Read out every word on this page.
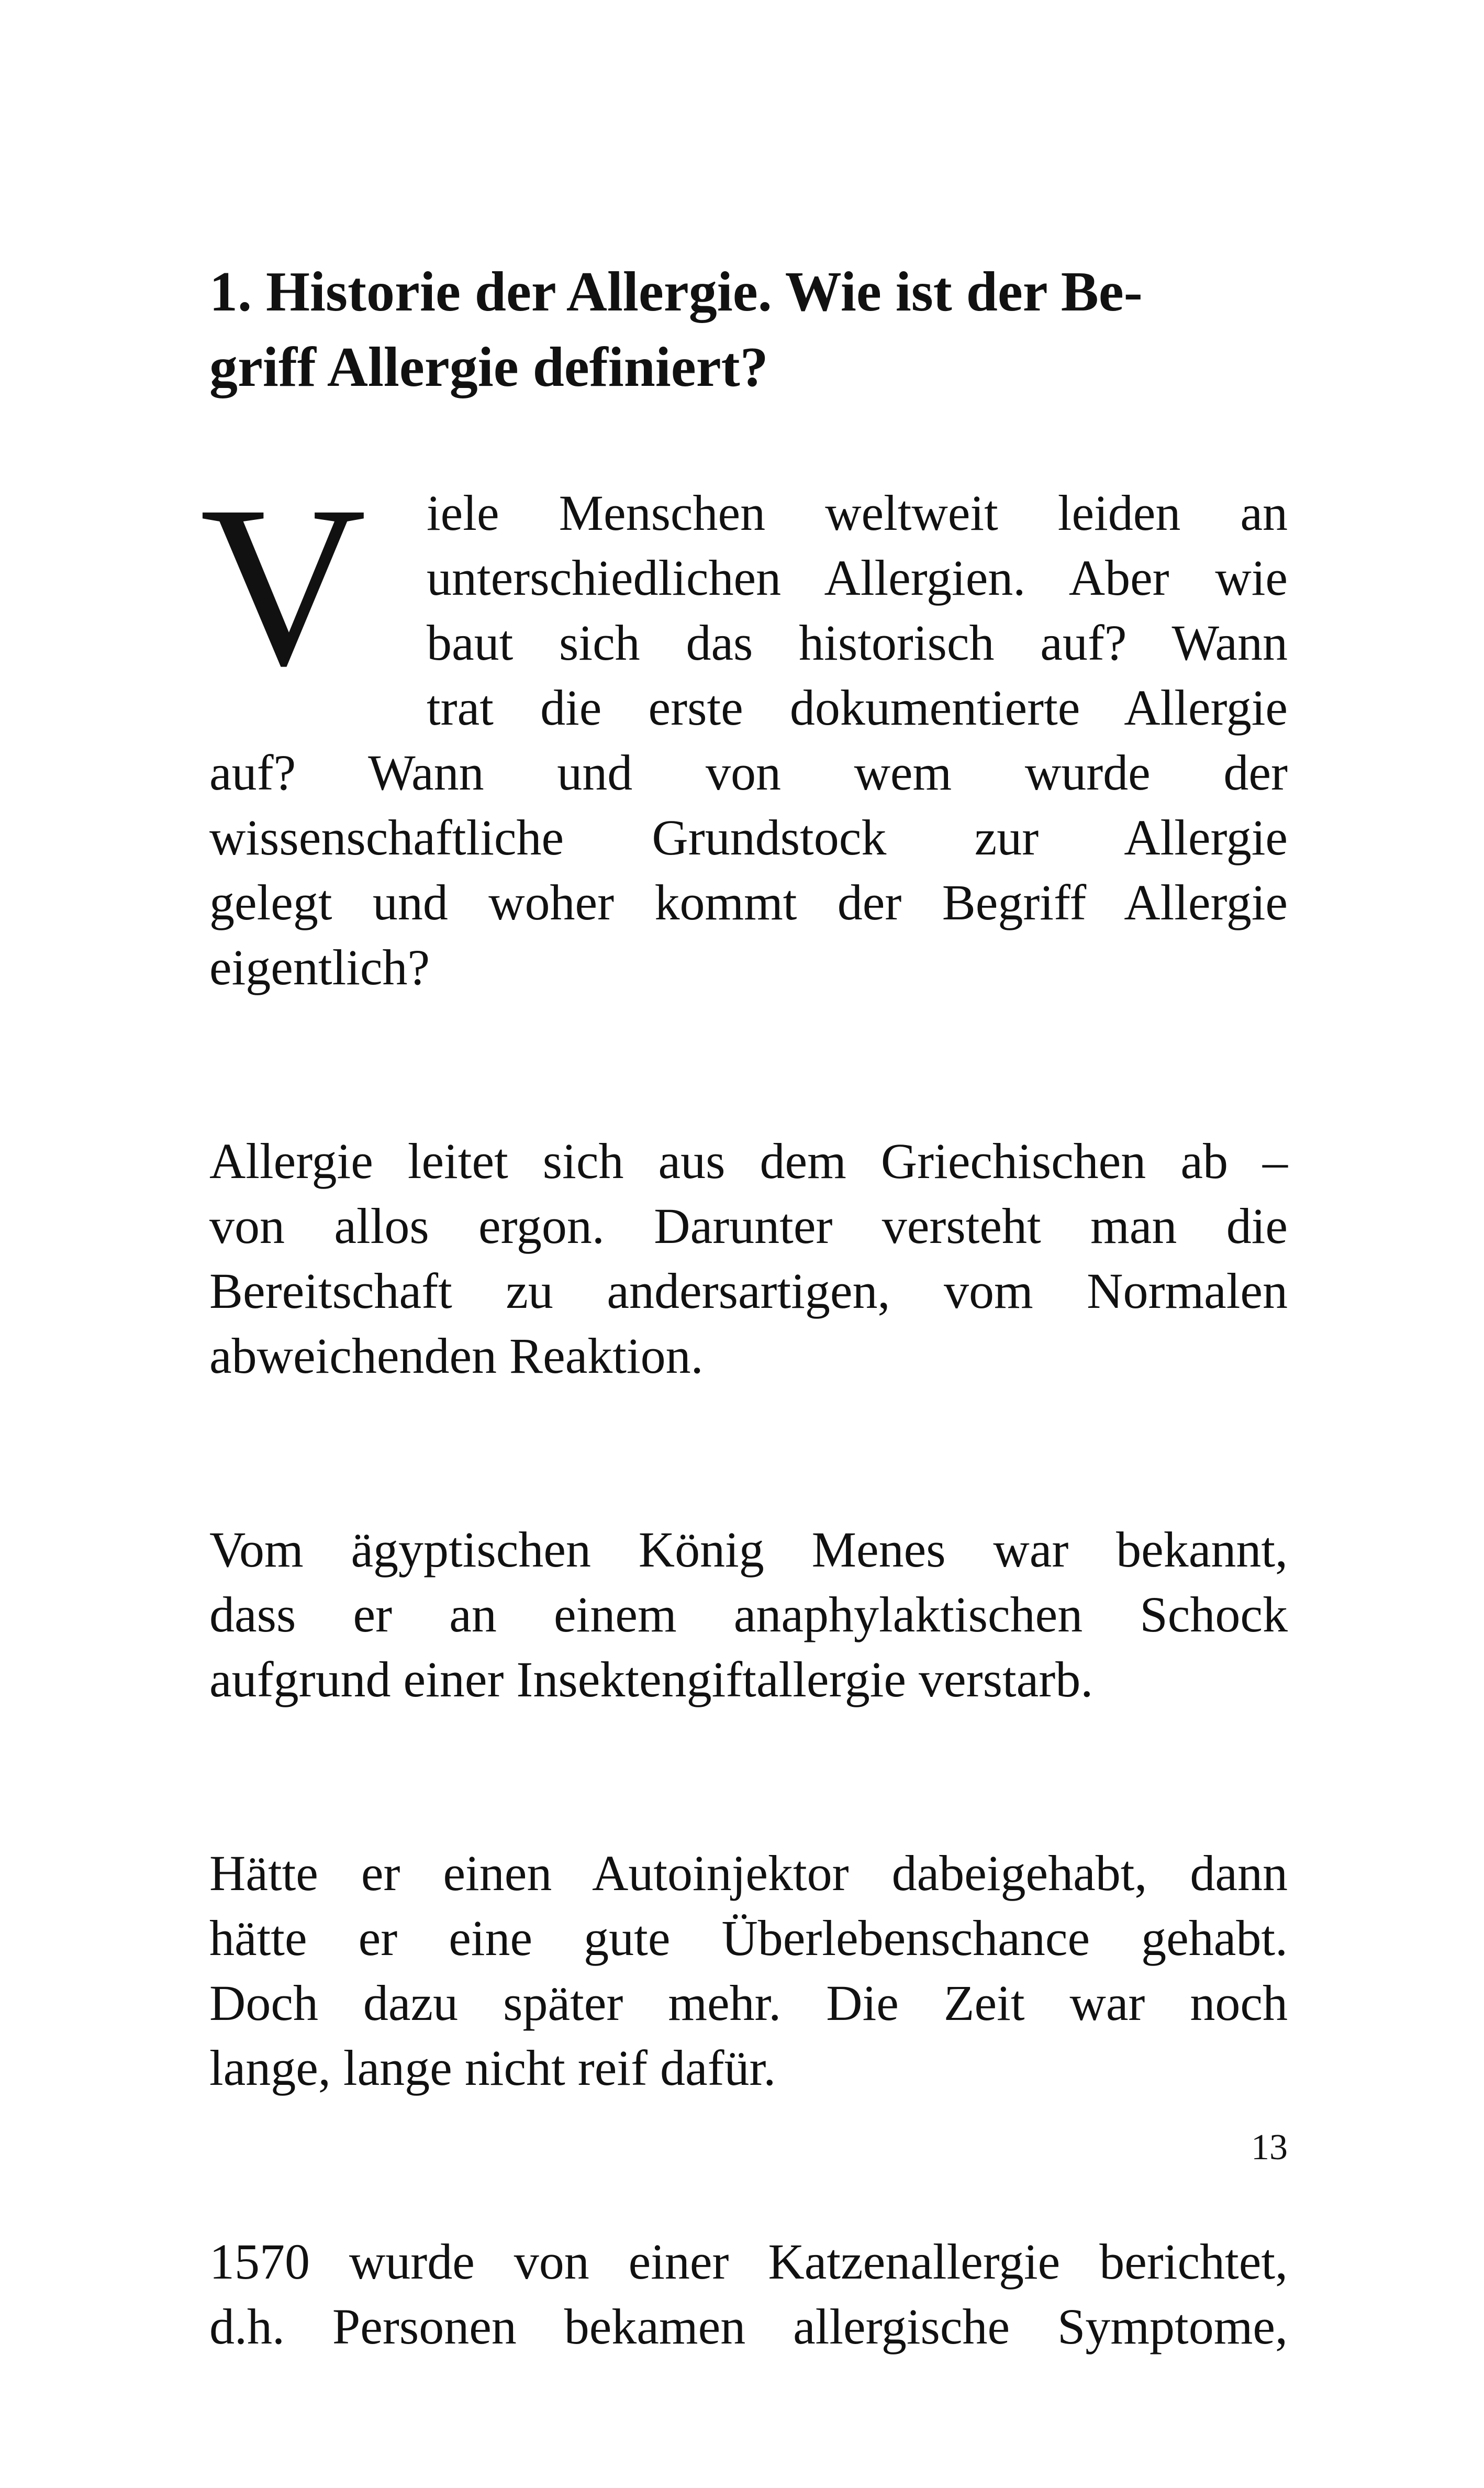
1. Historie der Allergie. Wie ist der Be-
griff Allergie definiert?
V iele Menschen weltweit leiden an
unterschiedlichen Allergien. Aber wie
baut sich das historisch auf? Wann
trat die erste dokumentierte Allergie
auf? Wann und von wem wurde der
wissenschaftliche Grundstock zur Allergie
gelegt und woher kommt der Begriff Allergie
eigentlich?
Allergie leitet sich aus dem Griechischen ab –
von allos ergon. Darunter versteht man die
Bereitschaft zu andersartigen, vom Normalen
abweichenden Reaktion.
Vom ägyptischen König Menes war bekannt,
dass er an einem anaphylaktischen Schock
aufgrund einer Insektengiftallergie verstarb.
Hätte er einen Autoinjektor dabeigehabt, dann
hätte er eine gute Überlebenschance gehabt.
Doch dazu später mehr. Die Zeit war noch
lange, lange nicht reif dafür.
1570 wurde von einer Katzenallergie berichtet,
d.h. Personen bekamen allergische Symptome,
13
